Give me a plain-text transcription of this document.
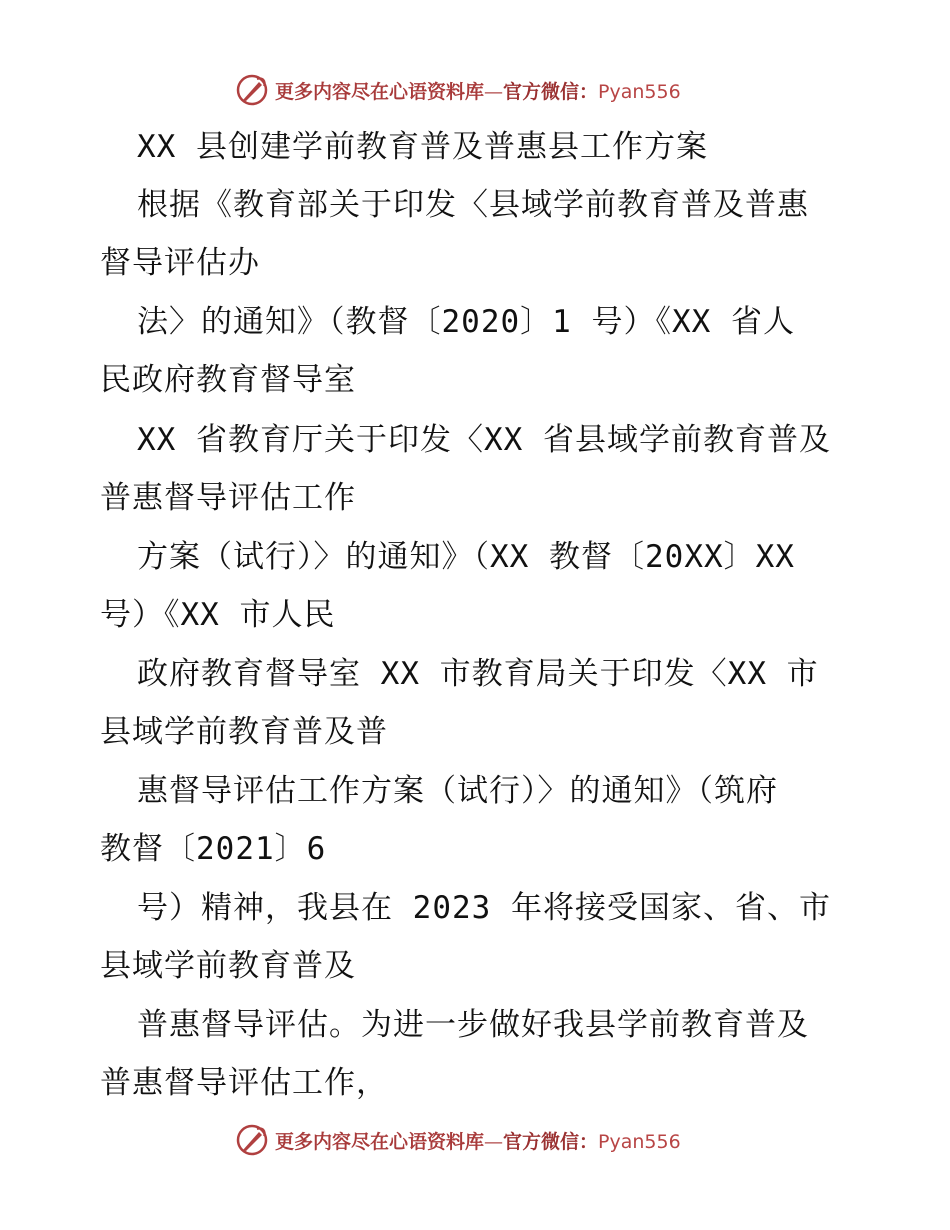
更多内容尽在心语资料库—官方微信：Pyan556
XX 县创建学前教育普及普惠县工作方案
根据《教育部关于印发〈县域学前教育普及普惠
督导评估办
法〉的通知》（教督〔2020〕1 号）《XX 省人
民政府教育督导室
XX 省教育厅关于印发〈XX 省县域学前教育普及
普惠督导评估工作
方案（试行）〉的通知》（XX 教督〔20XX〕XX
号）《XX 市人民
政府教育督导室 XX 市教育局关于印发〈XX 市
县域学前教育普及普
惠督导评估工作方案（试行）〉的通知》（筑府
教督〔2021〕6
号）精神，我县在 2023 年将接受国家、省、市
县域学前教育普及
普惠督导评估。为进一步做好我县学前教育普及
普惠督导评估工作，
更多内容尽在心语资料库—官方微信：Pyan556
